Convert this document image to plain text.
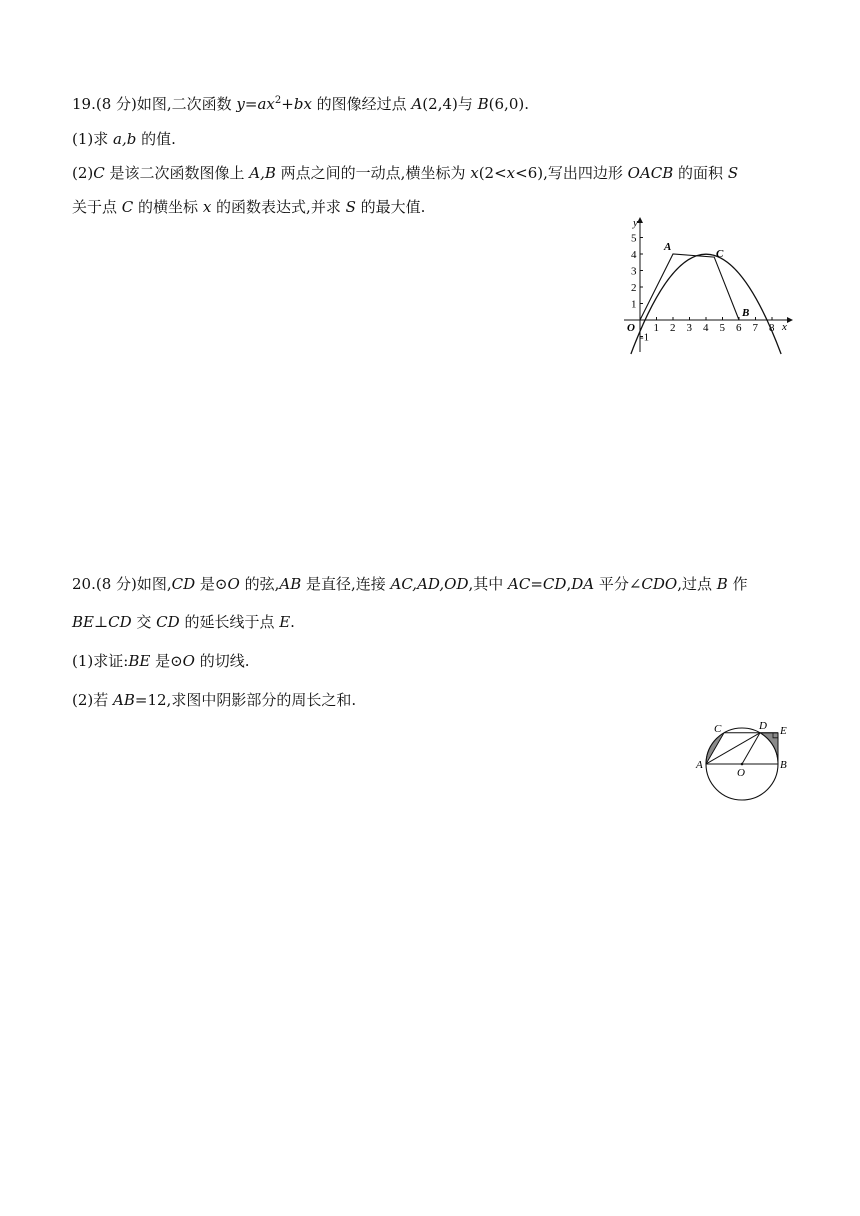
19.(8 分)如图,二次函数 $y=ax^2+bx$ 的图像经过点 A(2,4)与 B(6,0).
(1)求 a,b 的值.
(2)C 是该二次函数图像上 A,B 两点之间的一动点,横坐标为 x(2<x<6),写出四边形 OACB 的面积 S
关于点 C 的横坐标 x 的函数表达式,并求 S 的最大值.
x
y
O 1 2 3 4 5 6 7 8
1
2
3
4
5
-1
A
C
B
20.(8 分)如图,CD 是⊙O 的弦,AB 是直径,连接 AC,AD,OD,其中 AC=CD,DA 平分∠CDO,过点 B 作
BE⊥CD 交 CD 的延长线于点 E.
(1)求证:BE 是⊙O 的切线.
(2)若 AB=12,求图中阴影部分的周长之和.
A	B
C	D E
O
